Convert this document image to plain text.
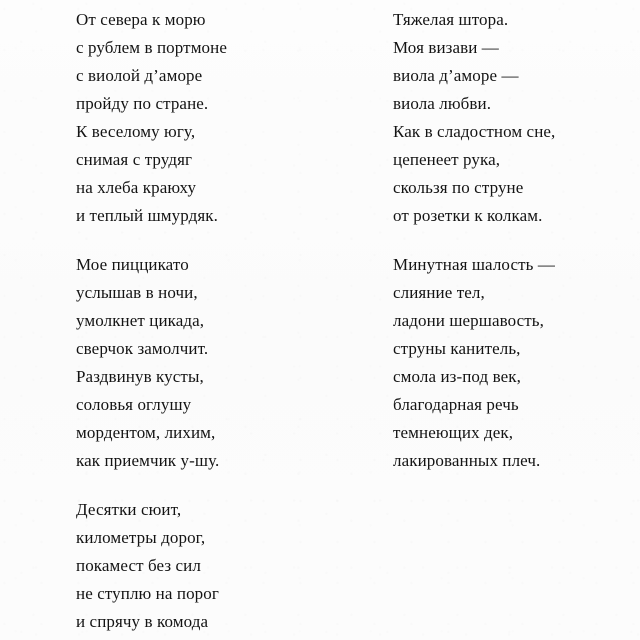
От севера к морю
с рублем в портмоне
с виолой д’аморе
пройду по стране.
К веселому югу,
снимая с трудяг
на хлеба краюху
и теплый шмурдяк.
Мое пиццикато
услышав в ночи,
умолкнет цикада,
сверчок замолчит.
Раздвинув кусты,
соловья оглушу
мордентом, лихим,
как приемчик у-шу.
Десятки сюит,
километры дорог,
покамест без сил
не ступлю на порог
и спрячу в комода
Тяжелая штора.
Моя визави —
виола д’аморе —
виола любви.
Как в сладостном сне,
цепенеет рука,
скользя по струне
от розетки к колкам.
Минутная шалость —
слияние тел,
ладони шершавость,
струны канитель,
смола из-под век,
благодарная речь
темнеющих дек,
лакированных плеч.
